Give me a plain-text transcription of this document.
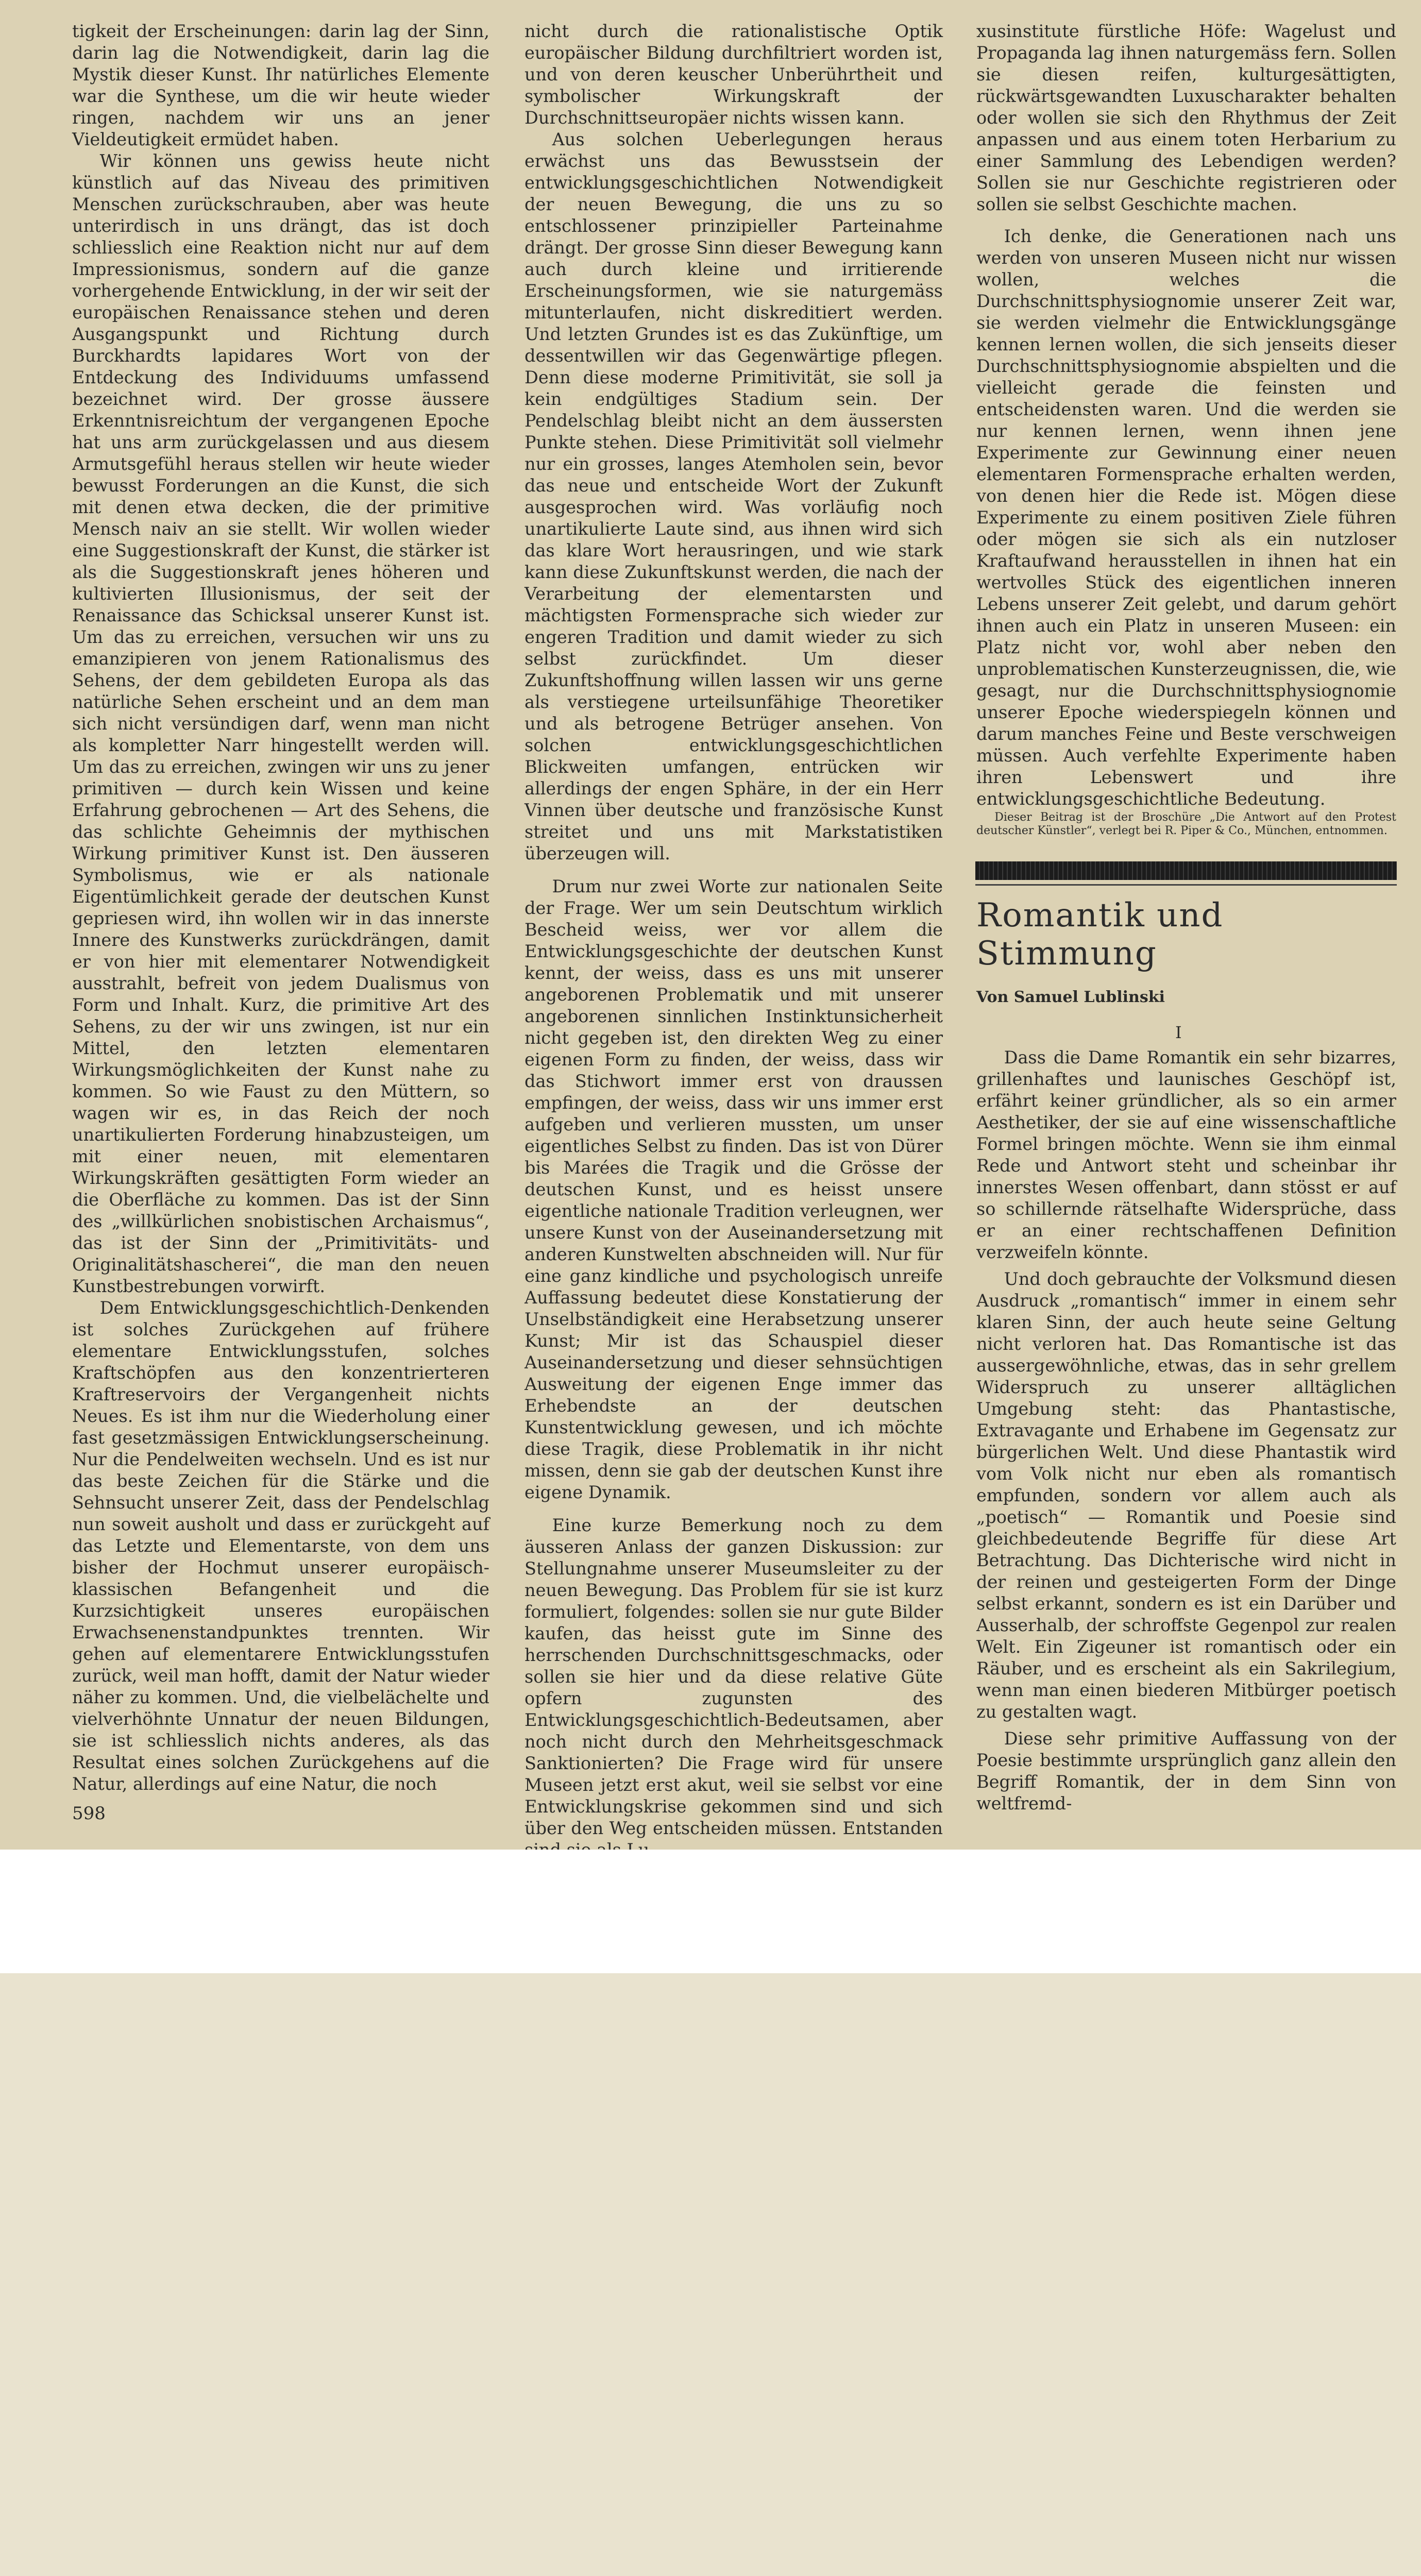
tigkeit der Erscheinungen: darin lag der Sinn, darin lag die Notwendigkeit, darin lag die Mystik dieser Kunst. Ihr natürliches Elemente war die Synthese, um die wir heute wieder ringen, nachdem wir uns an jener Vieldeutigkeit ermüdet haben.

Wir können uns gewiss heute nicht künstlich auf das Niveau des primitiven Menschen zurückschrauben, aber was heute unterirdisch in uns drängt, das ist doch schliesslich eine Reaktion nicht nur auf dem Impressionismus, sondern auf die ganze vorhergehende Entwicklung, in der wir seit der europäischen Renaissance stehen und deren Ausgangspunkt und Richtung durch Burckhardts lapidares Wort von der Entdeckung des Individuums umfassend bezeichnet wird. Der grosse äussere Erkenntnisreichtum der vergangenen Epoche hat uns arm zurückgelassen und aus diesem Armutsgefühl heraus stellen wir heute wieder bewusst Forderungen an die Kunst, die sich mit denen etwa decken, die der primitive Mensch naiv an sie stellt. Wir wollen wieder eine Suggestionskraft der Kunst, die stärker ist als die Suggestionskraft jenes höheren und kultivierten Illusionismus, der seit der Renaissance das Schicksal unserer Kunst ist. Um das zu erreichen, versuchen wir uns zu emanzipieren von jenem Rationalismus des Sehens, der dem gebildeten Europa als das natürliche Sehen erscheint und an dem man sich nicht versündigen darf, wenn man nicht als kompletter Narr hingestellt werden will. Um das zu erreichen, zwingen wir uns zu jener primitiven — durch kein Wissen und keine Erfahrung gebrochenen — Art des Sehens, die das schlichte Geheimnis der mythischen Wirkung primitiver Kunst ist. Den äusseren Symbolismus, wie er als nationale Eigentümlichkeit gerade der deutschen Kunst gepriesen wird, ihn wollen wir in das innerste Innere des Kunstwerks zurückdrängen, damit er von hier mit elementarer Notwendigkeit ausstrahlt, befreit von jedem Dualismus von Form und Inhalt. Kurz, die primitive Art des Sehens, zu der wir uns zwingen, ist nur ein Mittel, den letzten elementaren Wirkungsmöglichkeiten der Kunst nahe zu kommen. So wie Faust zu den Müttern, so wagen wir es, in das Reich der noch unartikulierten Forderung hinabzusteigen, um mit einer neuen, mit elementaren Wirkungskräften gesättigten Form wieder an die Oberfläche zu kommen. Das ist der Sinn des „willkürlichen snobistischen Archaismus“, das ist der Sinn der „Primitivitäts- und Originalitätshascherei“, die man den neuen Kunstbestrebungen vorwirft.

Dem Entwicklungsgeschichtlich-Denkenden ist solches Zurückgehen auf frühere elementare Entwicklungsstufen, solches Kraftschöpfen aus den konzentrierteren Kraftreservoirs der Vergangenheit nichts Neues. Es ist ihm nur die Wiederholung einer fast gesetzmässigen Entwicklungserscheinung. Nur die Pendelweiten wechseln. Und es ist nur das beste Zeichen für die Stärke und die Sehnsucht unserer Zeit, dass der Pendelschlag nun soweit ausholt und dass er zurückgeht auf das Letzte und Elementarste, von dem uns bisher der Hochmut unserer europäisch-klassischen Befangenheit und die Kurzsichtigkeit unseres europäischen Erwachsenenstandpunktes trennten. Wir gehen auf elementarere Entwicklungsstufen zurück, weil man hofft, damit der Natur wieder näher zu kommen. Und, die vielbelächelte und vielverhöhnte Unnatur der neuen Bildungen, sie ist schliesslich nichts anderes, als das Resultat eines solchen Zurückgehens auf die Natur, allerdings auf eine Natur, die noch

nicht durch die rationalistische Optik europäischer Bildung durchfiltriert worden ist, und von deren keuscher Unberührtheit und symbolischer Wirkungskraft der Durchschnittseuropäer nichts wissen kann.

Aus solchen Ueberlegungen heraus erwächst uns das Bewusstsein der entwicklungsgeschichtlichen Notwendigkeit der neuen Bewegung, die uns zu so entschlossener prinzipieller Parteinahme drängt. Der grosse Sinn dieser Bewegung kann auch durch kleine und irritierende Erscheinungsformen, wie sie naturgemäss mitunterlaufen, nicht diskreditiert werden. Und letzten Grundes ist es das Zukünftige, um dessentwillen wir das Gegenwärtige pflegen. Denn diese moderne Primitivität, sie soll ja kein endgültiges Stadium sein. Der Pendelschlag bleibt nicht an dem äussersten Punkte stehen. Diese Primitivität soll vielmehr nur ein grosses, langes Atemholen sein, bevor das neue und entscheide Wort der Zukunft ausgesprochen wird. Was vorläufig noch unartikulierte Laute sind, aus ihnen wird sich das klare Wort herausringen, und wie stark kann diese Zukunftskunst werden, die nach der Verarbeitung der elementarsten und mächtigsten Formensprache sich wieder zur engeren Tradition und damit wieder zu sich selbst zurückfindet. Um dieser Zukunftshoffnung willen lassen wir uns gerne als verstiegene urteilsunfähige Theoretiker und als betrogene Betrüger ansehen. Von solchen entwicklungsgeschichtlichen Blickweiten umfangen, entrücken wir allerdings der engen Sphäre, in der ein Herr Vinnen über deutsche und französische Kunst streitet und uns mit Markstatistiken überzeugen will.

Drum nur zwei Worte zur nationalen Seite der Frage. Wer um sein Deutschtum wirklich Bescheid weiss, wer vor allem die Entwicklungsgeschichte der deutschen Kunst kennt, der weiss, dass es uns mit unserer angeborenen Problematik und mit unserer angeborenen sinnlichen Instinktunsicherheit nicht gegeben ist, den direkten Weg zu einer eigenen Form zu finden, der weiss, dass wir das Stichwort immer erst von draussen empfingen, der weiss, dass wir uns immer erst aufgeben und verlieren mussten, um unser eigentliches Selbst zu finden. Das ist von Dürer bis Marées die Tragik und die Grösse der deutschen Kunst, und es heisst unsere eigentliche nationale Tradition verleugnen, wer unsere Kunst von der Auseinandersetzung mit anderen Kunstwelten abschneiden will. Nur für eine ganz kindliche und psychologisch unreife Auffassung bedeutet diese Konstatierung der Unselbständigkeit eine Herabsetzung unserer Kunst; Mir ist das Schauspiel dieser Auseinandersetzung und dieser sehnsüchtigen Ausweitung der eigenen Enge immer das Erhebendste an der deutschen Kunstentwicklung gewesen, und ich möchte diese Tragik, diese Problematik in ihr nicht missen, denn sie gab der deutschen Kunst ihre eigene Dynamik.

Eine kurze Bemerkung noch zu dem äusseren Anlass der ganzen Diskussion: zur Stellungnahme unserer Museumsleiter zu der neuen Bewegung. Das Problem für sie ist kurz formuliert, folgendes: sollen sie nur gute Bilder kaufen, das heisst gute im Sinne des herrschenden Durchschnittsgeschmacks, oder sollen sie hier und da diese relative Güte opfern zugunsten des Entwicklungsgeschichtlich-Bedeutsamen, aber noch nicht durch den Mehrheitsgeschmack Sanktionierten? Die Frage wird für unsere Museen jetzt erst akut, weil sie selbst vor eine Entwicklungskrise gekommen sind und sich über den Weg entscheiden müssen. Entstanden

xusinstitute fürstliche Höfe: Wagelust und Propaganda lag ihnen naturgemäss fern. Sollen sie diesen reifen, kulturgesättigten, rückwärtsgewandten Luxuscharakter behalten oder wollen sie sich den Rhythmus der Zeit anpassen und aus einem toten Herbarium zu einer Sammlung des Lebendigen werden? Sollen sie nur Geschichte registrieren oder sollen sie selbst Geschichte machen.

Ich denke, die Generationen nach uns werden von unseren Museen nicht nur wissen wollen, welches die Durchschnittsphysiognomie unserer Zeit war, sie werden vielmehr die Entwicklungsgänge kennen lernen wollen, die sich jenseits dieser Durchschnittsphysiognomie abspielten und die vielleicht gerade die feinsten und entscheidensten waren. Und die werden sie nur kennen lernen, wenn ihnen jene Experimente zur Gewinnung einer neuen elementaren Formensprache erhalten werden, von denen hier die Rede ist. Mögen diese Experimente zu einem positiven Ziele führen oder mögen sie sich als ein nutzloser Kraftaufwand herausstellen in ihnen hat ein wertvolles Stück des eigentlichen inneren Lebens unserer Zeit gelebt, und darum gehört ihnen auch ein Platz in unseren Museen: ein Platz nicht vor, wohl aber neben den unproblematischen Kunsterzeugnissen, die, wie gesagt, nur die Durchschnittsphysiognomie unserer Epoche wiederspiegeln können und darum manches Feine und Beste verschweigen müssen. Auch verfehlte Experimente haben ihren Lebenswert und ihre entwicklungsgeschichtliche Bedeutung.

Dieser Beitrag ist der Broschüre „Die Antwort auf den Protest deutscher Künstler“, verlegt bei R. Piper & Co., München, entnommen.

Romantik und Stimmung
Von Samuel Lublinski
I

Dass die Dame Romantik ein sehr bizarres, grillenhaftes und launisches Geschöpf ist, erfährt keiner gründlicher, als so ein armer Aesthetiker, der sie auf eine wissenschaftliche Formel bringen möchte. Wenn sie ihm einmal Rede und Antwort steht und scheinbar ihr innerstes Wesen offenbart, dann stösst er auf so schillernde rätselhafte Widersprüche, dass er an einer rechtschaffenen Definition verzweifeln könnte.

Und doch gebrauchte der Volksmund diesen Ausdruck „romantisch“ immer in einem sehr klaren Sinn, der auch heute seine Geltung nicht verloren hat. Das Romantische ist das aussergewöhnliche, etwas, das in sehr grellem Widerspruch zu unserer alltäglichen Umgebung steht: das Phantastische, Extravagante und Erhabene im Gegensatz zur bürgerlichen Welt. Und diese Phantastik wird vom Volk nicht nur eben als romantisch empfunden, sondern vor allem auch als „poetisch“ — Romantik und Poesie sind gleichbedeutende Begriffe für diese Art Betrachtung. Das Dichterische wird nicht in der reinen und gesteigerten Form der Dinge selbst erkannt, sondern es ist ein Darüber und Ausserhalb, der schroffste Gegenpol zur realen Welt. Ein Zigeuner ist romantisch oder ein Räuber, und es erscheint als ein Sakrilegium, wenn man einen biederen Mitbürger poetisch zu gestalten wagt.

Diese sehr primitive Auffassung von der Poesie bestimmte ursprünglich ganz allein den Begriff Romantik, der in dem Sinn von weltfremd-

598
